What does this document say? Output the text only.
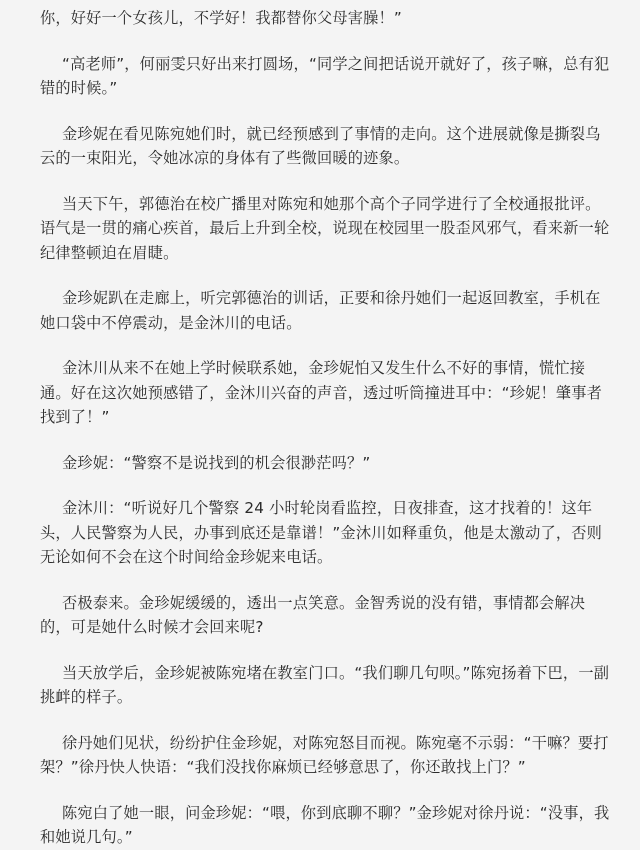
你，好好一个女孩儿，不学好！我都替你父母害臊！”

“高老师”，何丽雯只好出来打圆场，“同学之间把话说开就好了，孩子嘛，总有犯错的时候。”

金珍妮在看见陈宛她们时，就已经预感到了事情的走向。这个进展就像是撕裂乌云的一束阳光，令她冰凉的身体有了些微回暖的迹象。

当天下午，郭德治在校广播里对陈宛和她那个高个子同学进行了全校通报批评。语气是一贯的痛心疾首，最后上升到全校，说现在校园里一股歪风邪气，看来新一轮纪律整顿迫在眉睫。

金珍妮趴在走廊上，听完郭德治的训话，正要和徐丹她们一起返回教室，手机在她口袋中不停震动，是金沐川的电话。

金沐川从来不在她上学时候联系她，金珍妮怕又发生什么不好的事情，慌忙接通。好在这次她预感错了，金沐川兴奋的声音，透过听筒撞进耳中：“珍妮！肇事者找到了！”

金珍妮：“警察不是说找到的机会很渺茫吗？”

金沐川：“听说好几个警察 24 小时轮岗看监控，日夜排查，这才找着的！这年头，人民警察为人民，办事到底还是靠谱！”金沐川如释重负，他是太激动了，否则无论如何不会在这个时间给金珍妮来电话。

否极泰来。金珍妮缓缓的，透出一点笑意。金智秀说的没有错，事情都会解决的，可是她什么时候才会回来呢?

当天放学后，金珍妮被陈宛堵在教室门口。“我们聊几句呗。”陈宛扬着下巴，一副挑衅的样子。

徐丹她们见状，纷纷护住金珍妮，对陈宛怒目而视。陈宛毫不示弱：“干嘛？要打架？”徐丹快人快语：“我们没找你麻烦已经够意思了，你还敢找上门？”

陈宛白了她一眼，问金珍妮：“喂，你到底聊不聊？”金珍妮对徐丹说：“没事，我和她说几句。”
